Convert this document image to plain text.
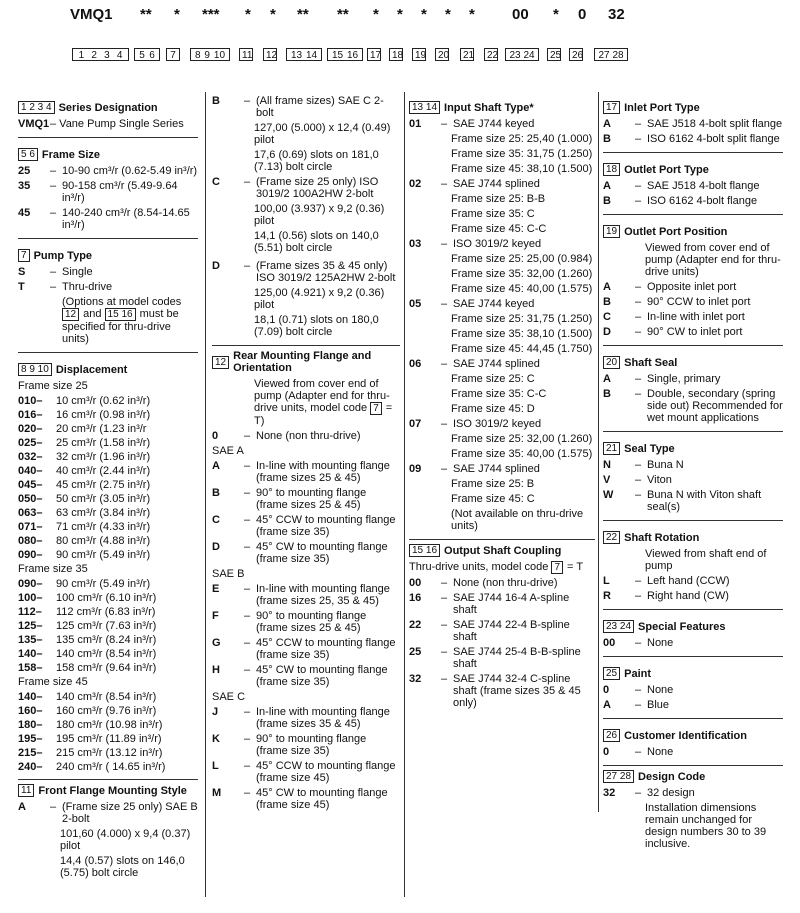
VMQ1 ** * *** * * ** ** * * * * * 00 * 0 32
1 2 3 4 5 6 7 8 9 10 11 12 13 14 15 16 17 18 19 20 21 22 23 24 25 26 27 28
1 2 3 4 Series Designation
VMQ1 – Vane Pump Single Series
5 6 Frame Size
25	– 10-90 cm³/r (0.62-5.49 in³/r)
35	– 90-158 cm³/r (5.49-9.64 in³/r)
45	– 140-240 cm³/r (8.54-14.65 in³/r)
7 Pump Type
S	– Single
T	– Thru-drive
(Options at model codes
12 and 15 16 must be
specified for thru-drive units)
8 9 10 Displacement
Frame size 25
010–	10 cm³/r (0.62 in³/r)
016–	16 cm³/r (0.98 in³/r)
020–	20 cm³/r (1.23 in³/r
025–	25 cm³/r (1.58 in³/r)
032–	32 cm³/r (1.96 in³/r)
040–	40 cm³/r (2.44 in³/r)
045–	45 cm³/r (2.75 in³/r)
050–	50 cm³/r (3.05 in³/r)
063–	63 cm³/r (3.84 in³/r)
071–	71 cm³/r (4.33 in³/r)
080–	80 cm³/r (4.88 in³/r)
090–	90 cm³/r (5.49 in³/r)
Frame size 35
090–	90 cm³/r (5.49 in³/r)
100–	100 cm³/r (6.10 in³/r)
112–	112 cm³/r (6.83 in³/r)
125–	125 cm³/r (7.63 in³/r)
135–	135 cm³/r (8.24 in³/r)
140–	140 cm³/r (8.54 in³/r)
158–	158 cm³/r (9.64 in³/r)
Frame size 45
140–	140 cm³/r (8.54 in³/r)
160–	160 cm³/r (9.76 in³/r)
180–	180 cm³/r (10.98 in³/r)
195–	195 cm³/r (11.89 in³/r)
215–	215 cm³/r (13.12 in³/r)
240–	240 cm³/r ( 14.65 in³/r)
11 Front Flange Mounting Style
A	– (Frame size 25 only) SAE B 2-bolt
101,60 (4.000) x 9,4 (0.37) pilot
14,4 (0.57) slots on 146,0 (5.75) bolt circle
B	– (All frame sizes) SAE C 2-bolt
127,00 (5.000) x 12,4 (0.49) pilot
17,6 (0.69) slots on 181,0 (7.13) bolt circle
C	– (Frame size 25 only) ISO 3019/2 100A2HW 2-bolt
100,00 (3.937) x 9,2 (0.36) pilot
14,1 (0.56) slots on 140,0 (5.51) bolt circle
D	– (Frame sizes 35 & 45 only) ISO 3019/2 125A2HW 2-bolt
125,00 (4.921) x 9,2 (0.36) pilot
18,1 (0.71) slots on 180,0 (7.09) bolt circle
12 Rear Mounting Flange and Orientation
Viewed from cover end of pump (Adapter end for thru-drive units, model code 7 = T)
0	– None (non thru-drive)
SAE A
A	– In-line with mounting flange (frame sizes 25 & 45)
B	– 90° to mounting flange (frame sizes 25 & 45)
C	– 45° CCW to mounting flange (frame size 35)
D	– 45° CW to mounting flange (frame size 35)
SAE B
E	– In-line with mounting flange (frame sizes 25, 35 & 45)
F	– 90° to mounting flange (frame sizes 25 & 45)
G	– 45° CCW to mounting flange (frame size 35)
H	– 45° CW to mounting flange (frame size 35)
SAE C
J	– In-line with mounting flange (frame sizes 35 & 45)
K	– 90° to mounting flange (frame size 35)
L	– 45° CCW to mounting flange (frame size 45)
M	– 45° CW to mounting flange (frame size 45)
13 14 Input Shaft Type*
01	– SAE J744 keyed
Frame size 25: 25,40 (1.000)
Frame size 35: 31,75 (1.250)
Frame size 45: 38,10 (1.500)
02	– SAE J744 splined
Frame size 25: B-B
Frame size 35: C
Frame size 45: C-C
03	– ISO 3019/2 keyed
Frame size 25: 25,00 (0.984)
Frame size 35: 32,00 (1.260)
Frame size 45: 40,00 (1.575)
05	– SAE J744 keyed
Frame size 25: 31,75 (1.250)
Frame size 35: 38,10 (1.500)
Frame size 45: 44,45 (1.750)
06	– SAE J744 splined
Frame size 25: C
Frame size 35: C-C
Frame size 45: D
07	– ISO 3019/2 keyed
Frame size 25: 32,00 (1.260)
Frame size 35: 40,00 (1.575)
09	– SAE J744 splined
Frame size 25: B
Frame size 45: C
(Not available on thru-drive units)
15 16 Output Shaft Coupling
Thru-drive units, model code 7 = T
00	– None (non thru-drive)
16	– SAE J744 16-4 A-spline shaft
22	– SAE J744 22-4 B-spline shaft
25	– SAE J744 25-4 B-B-spline shaft
32	– SAE J744 32-4 C-spline shaft (frame sizes 35 & 45 only)
17 Inlet Port Type
A	– SAE J518 4-bolt split flange
B	– ISO 6162 4-bolt split flange
18 Outlet Port Type
A	– SAE J518 4-bolt flange
B	– ISO 6162 4-bolt flange
19 Outlet Port Position
Viewed from cover end of pump (Adapter end for thru-drive units)
A	– Opposite inlet port
B	– 90° CCW to inlet port
C	– In-line with inlet port
D	– 90° CW to inlet port
20 Shaft Seal
A	– Single, primary
B	– Double, secondary (spring side out) Recommended for wet mount applications
21 Seal Type
N	– Buna N
V	– Viton
W	– Buna N with Viton shaft seal(s)
22 Shaft Rotation
Viewed from shaft end of pump
L	– Left hand (CCW)
R	– Right hand (CW)
23 24 Special Features
00	– None
25 Paint
0	– None
A	– Blue
26 Customer Identification
0	– None
27 28 Design Code
32	– 32 design
Installation dimensions remain unchanged for design numbers 30 to 39 inclusive.
